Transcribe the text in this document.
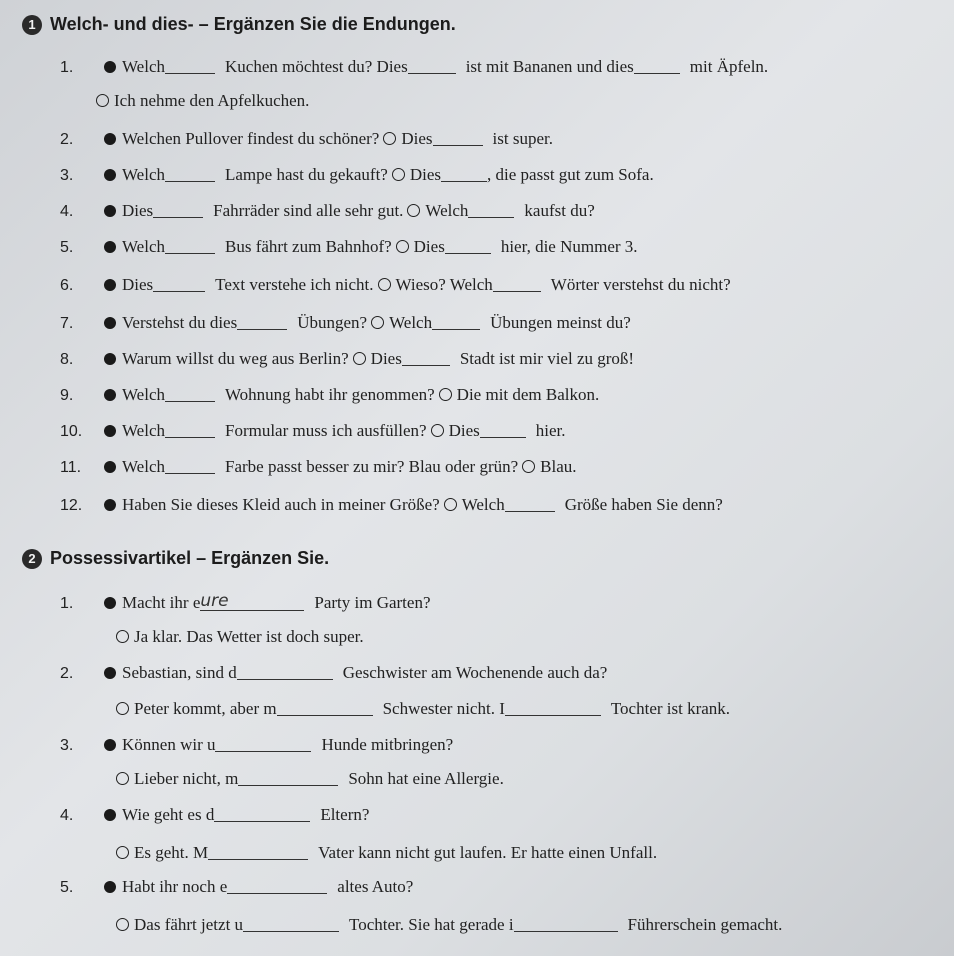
1 Welch- und dies- – Ergänzen Sie die Endungen.
1.	Welch	Kuchen möchtest du? Dies	ist mit Bananen und dies	mit Äpfeln.
Ich nehme den Apfelkuchen.
2.	Welchen Pullover findest du schöner? Dies	ist super.
3.	Welch	Lampe hast du gekauft? Dies	, die passt gut zum Sofa.
4.	Dies	Fahrräder sind alle sehr gut. Welch	kaufst du?
5.	Welch	Bus fährt zum Bahnhof? Dies	hier, die Nummer 3.
6.	Dies	Text verstehe ich nicht. Wieso? Welch	Wörter verstehst du nicht?
7.	Verstehst du dies	Übungen? Welch	Übungen meinst du?
8.	Warum willst du weg aus Berlin? Dies	Stadt ist mir viel zu groß!
9.	Welch	Wohnung habt ihr genommen? Die mit dem Balkon.
10. Welch	Formular muss ich ausfüllen? Dies	hier.
11. Welch	Farbe passt besser zu mir? Blau oder grün? Blau.
12. Haben Sie dieses Kleid auch in meiner Größe? Welch	Größe haben Sie denn?
2 Possessivartikel – Ergänzen Sie.
1.	Macht ihr eure	Party im Garten?
Ja klar. Das Wetter ist doch super.
2.	Sebastian, sind d	Geschwister am Wochenende auch da?
Peter kommt, aber m	Schwester nicht. I	Tochter ist krank.
3.	Können wir u	Hunde mitbringen?
Lieber nicht, m	Sohn hat eine Allergie.
4.	Wie geht es d	Eltern?
Es geht. M	Vater kann nicht gut laufen. Er hatte einen Unfall.
5.	Habt ihr noch e	altes Auto?
Das fährt jetzt u	Tochter. Sie hat gerade i	Führerschein gemacht.
